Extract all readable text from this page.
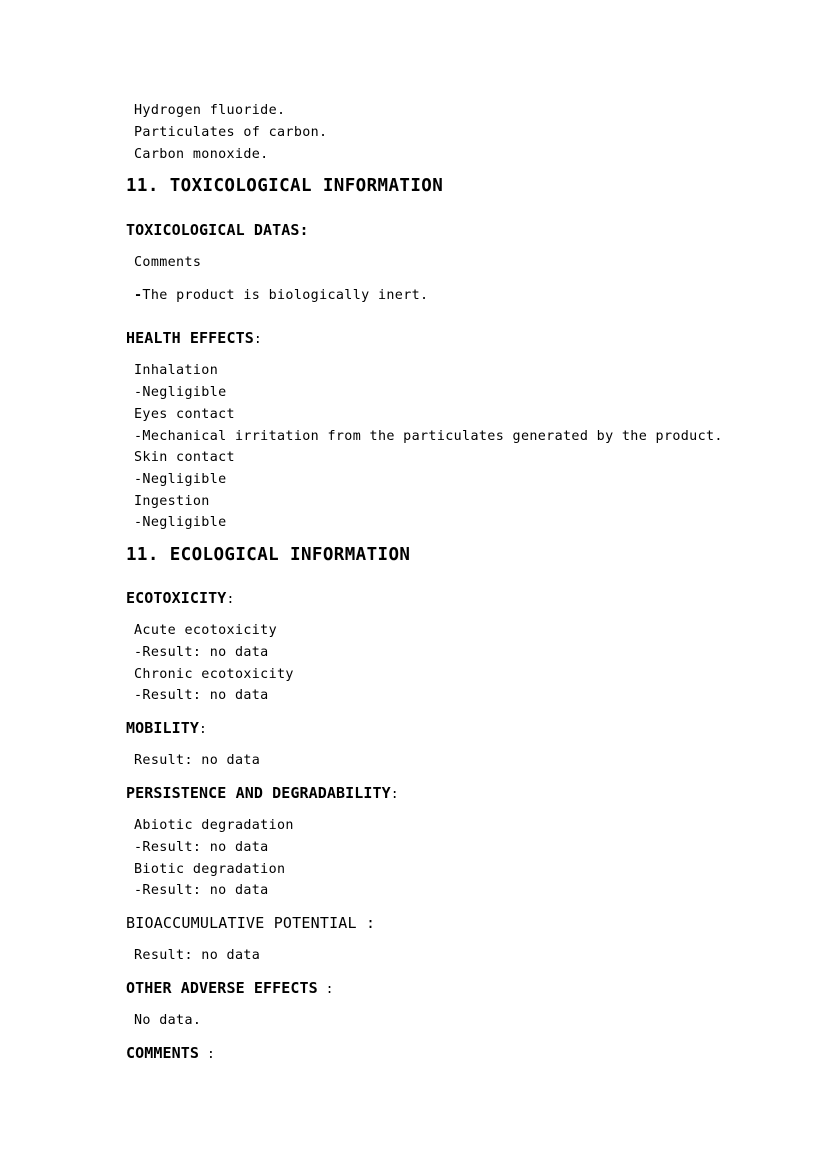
Hydrogen fluoride.
Particulates of carbon.
Carbon monoxide.
11. TOXICOLOGICAL INFORMATION
TOXICOLOGICAL DATAS:
Comments
-The product is biologically inert.
HEALTH EFFECTS:
Inhalation
-Negligible
Eyes contact
-Mechanical irritation from the particulates generated by the product.
Skin contact
-Negligible
Ingestion
-Negligible
11. ECOLOGICAL INFORMATION
ECOTOXICITY:
Acute ecotoxicity
-Result: no data
Chronic ecotoxicity
-Result: no data
MOBILITY:
Result: no data
PERSISTENCE AND DEGRADABILITY:
Abiotic degradation
-Result: no data
Biotic degradation
-Result: no data
BIOACCUMULATIVE POTENTIAL :
Result: no data
OTHER ADVERSE EFFECTS :
No data.
COMMENTS :
